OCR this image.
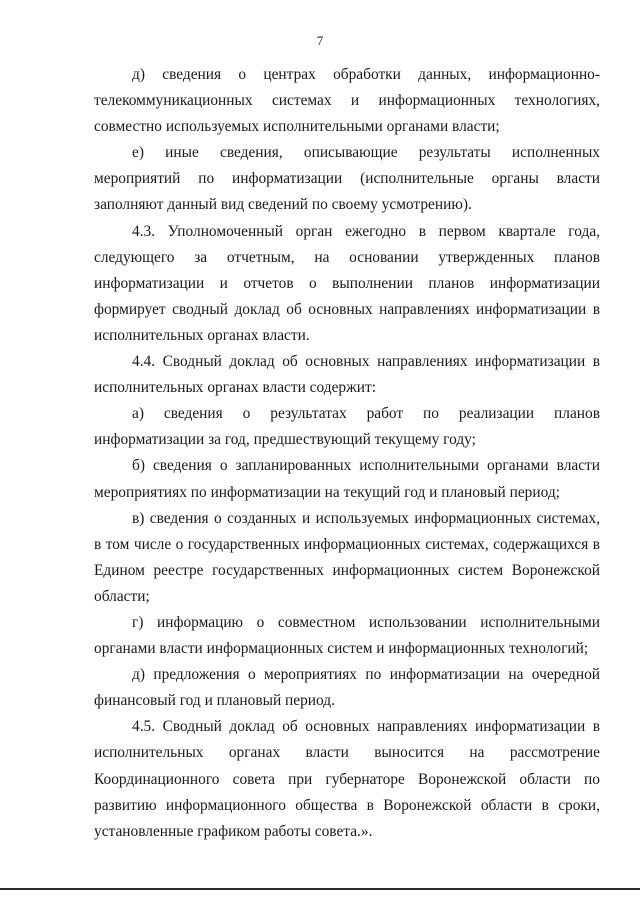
7

д) сведения о центрах обработки данных, информационно-телекоммуникационных системах и информационных технологиях, совместно используемых исполнительными органами власти;

е) иные сведения, описывающие результаты исполненных мероприятий по информатизации (исполнительные органы власти заполняют данный вид сведений по своему усмотрению).

4.3. Уполномоченный орган ежегодно в первом квартале года, следующего за отчетным, на основании утвержденных планов информатизации и отчетов о выполнении планов информатизации формирует сводный доклад об основных направлениях информатизации в исполнительных органах власти.

4.4. Сводный доклад об основных направлениях информатизации в исполнительных органах власти содержит:

а) сведения о результатах работ по реализации планов информатизации за год, предшествующий текущему году;

б) сведения о запланированных исполнительными органами власти мероприятиях по информатизации на текущий год и плановый период;

в) сведения о созданных и используемых информационных системах, в том числе о государственных информационных системах, содержащихся в Едином реестре государственных информационных систем Воронежской области;

г) информацию о совместном использовании исполнительными органами власти информационных систем и информационных технологий;

д) предложения о мероприятиях по информатизации на очередной финансовый год и плановый период.

4.5. Сводный доклад об основных направлениях информатизации в исполнительных органах власти выносится на рассмотрение Координационного совета при губернаторе Воронежской области по развитию информационного общества в Воронежской области в сроки, установленные графиком работы совета.».
